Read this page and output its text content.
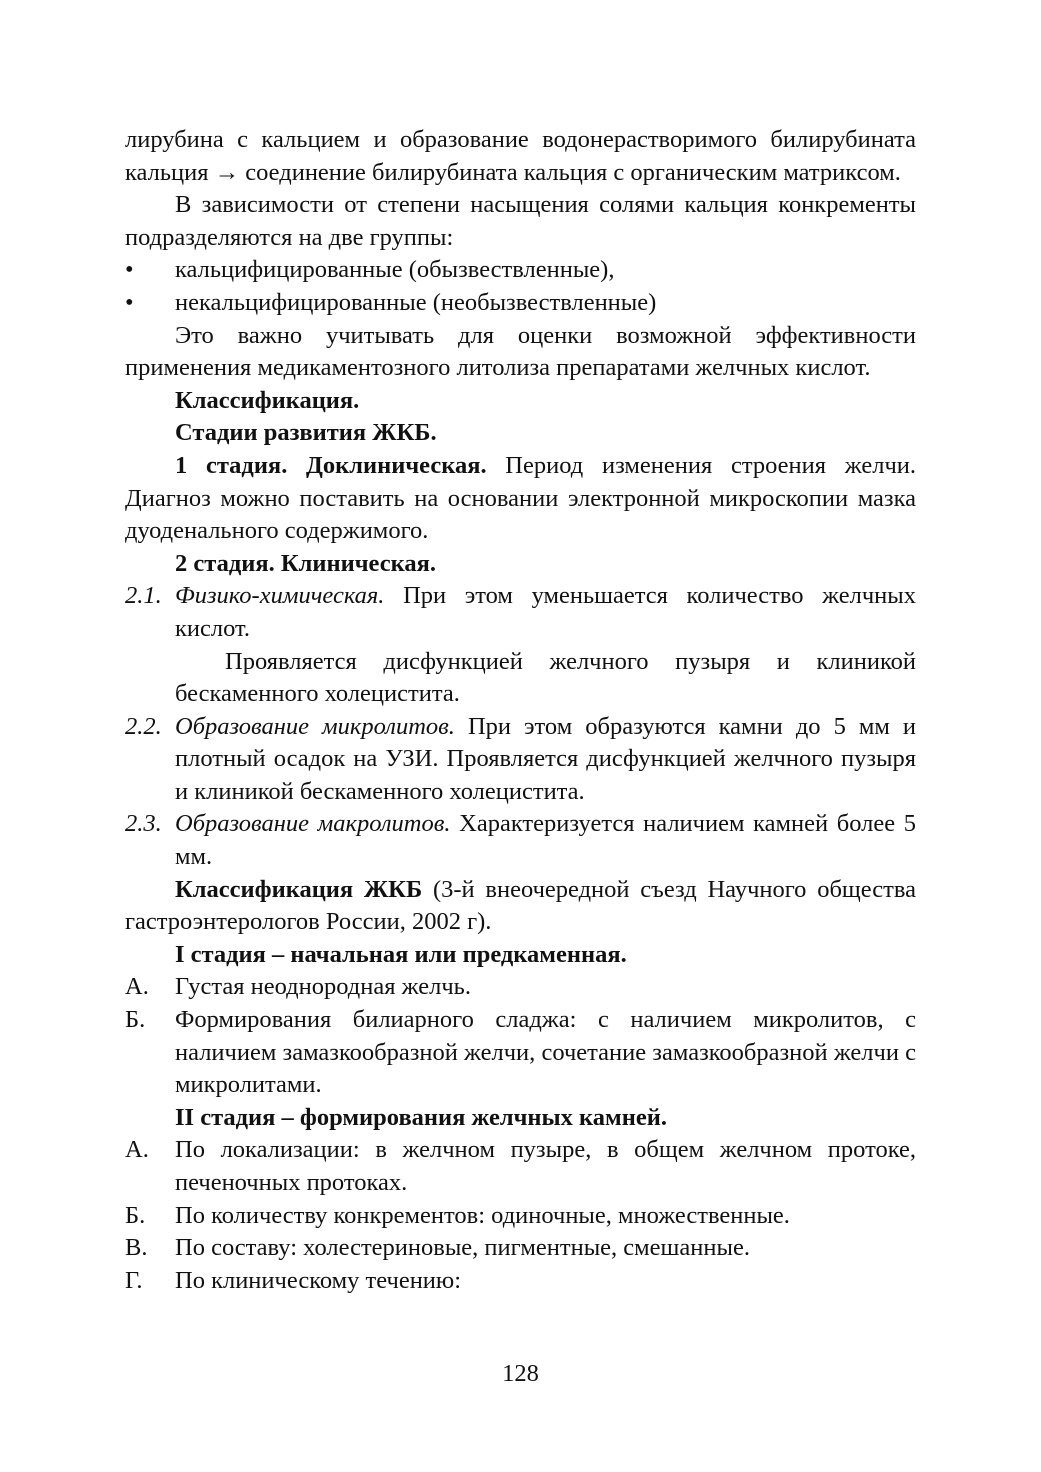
лирубина с кальцием и образование водонерастворимого билирубината кальция → соединение билирубината кальция с органическим матриксом.

В зависимости от степени насыщения солями кальция конкременты подразделяются на две группы:

•	кальцифицированные (обызвествленные),
•	некальцифицированные (необызвествленные)

Это важно учитывать для оценки возможной эффективности применения медикаментозного литолиза препаратами желчных кислот.

Классификация.

Стадии развития ЖКБ.

1 стадия. Доклиническая. Период изменения строения желчи. Диагноз можно поставить на основании электронной микроскопии мазка дуоденального содержимого.

2 стадия. Клиническая.

2.1. Физико-химическая. При этом уменьшается количество желчных кислот.

Проявляется дисфункцией желчного пузыря и клиникой бескаменного холецистита.

2.2. Образование микролитов. При этом образуются камни до 5 мм и плотный осадок на УЗИ. Проявляется дисфункцией желчного пузыря и клиникой бескаменного холецистита.
2.3. Образование макролитов. Характеризуется наличием камней более 5 мм.

Классификация ЖКБ (3-й внеочередной съезд Научного общества гастроэнтерологов России, 2002 г).

I стадия – начальная или предкаменная.

А.	Густая неоднородная желчь.
Б.	Формирования билиарного сладжа: с наличием микролитов, с наличием замазкообразной желчи, сочетание замазкообразной желчи с микролитами.

II стадия – формирования желчных камней.

А.	По локализации: в желчном пузыре, в общем желчном протоке, печеночных протоках.
Б.	По количеству конкрементов: одиночные, множественные.
В.	По составу: холестериновые, пигментные, смешанные.
Г.	По клиническому течению:
128
